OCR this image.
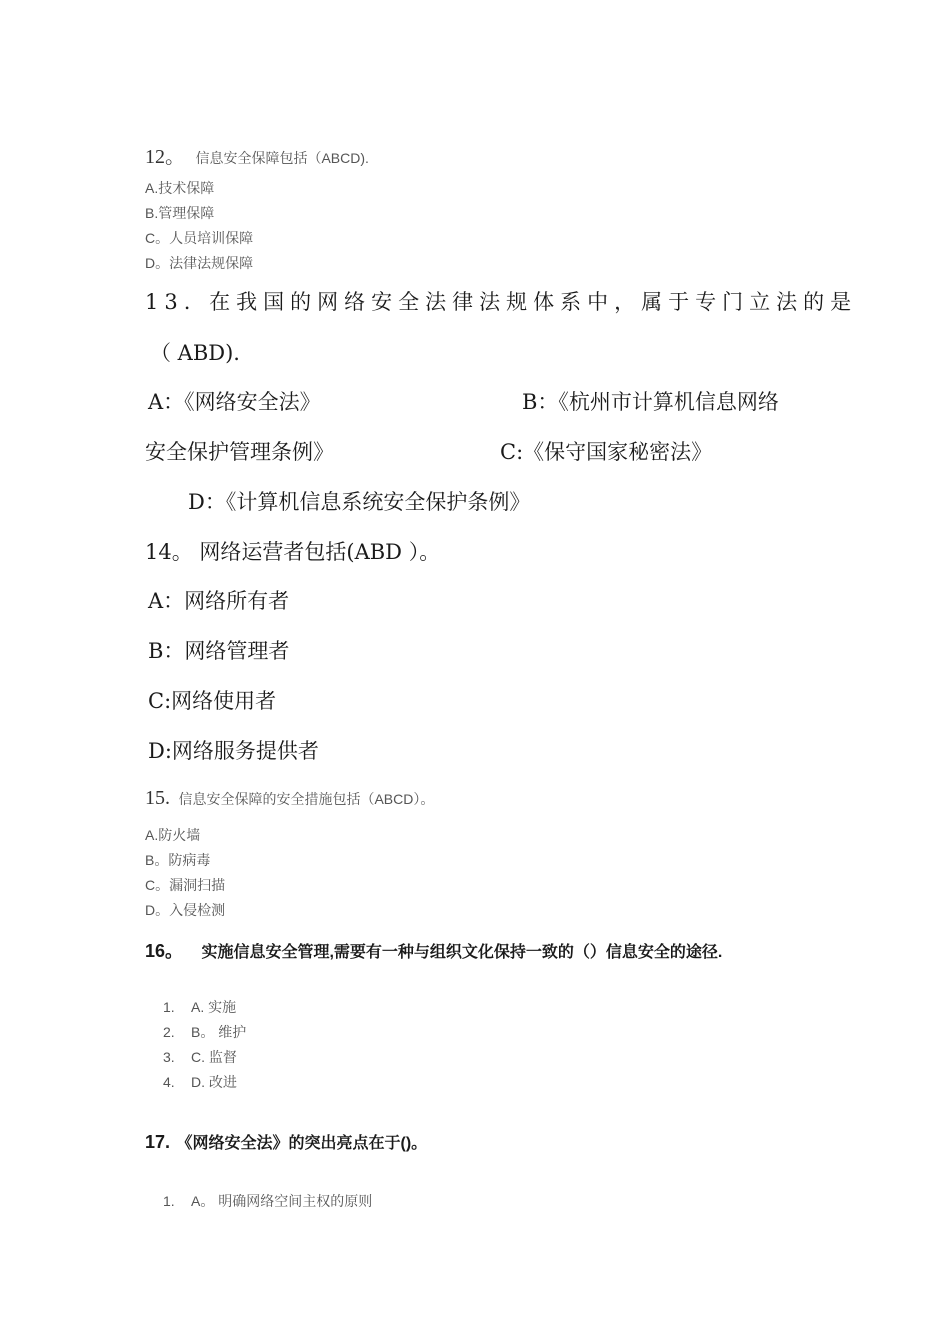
12。 信息安全保障包括（ABCD).
A.技术保障
B.管理保障
C。人员培训保障
D。法律法规保障
13. 在我国的网络安全法律法规体系中，属于专门立法的是
（ ABD).
A：《网络安全法》	B：《杭州市计算机信息网络
安全保护管理条例》	C:《保守国家秘密法》
D：《计算机信息系统安全保护条例》
14。 网络运营者包括(ABD ）。
A：网络所有者
B：网络管理者
C:网络使用者
D:网络服务提供者
15. 信息安全保障的安全措施包括（ABCD）。
A.防火墙
B。防病毒
C。漏洞扫描
D。入侵检测
16。 实施信息安全管理,需要有一种与组织文化保持一致的（）信息安全的途径.
1. A. 实施
2. B。 维护
3. C. 监督
4. D. 改进
17. 《网络安全法》的突出亮点在于()。
1. A。 明确网络空间主权的原则
